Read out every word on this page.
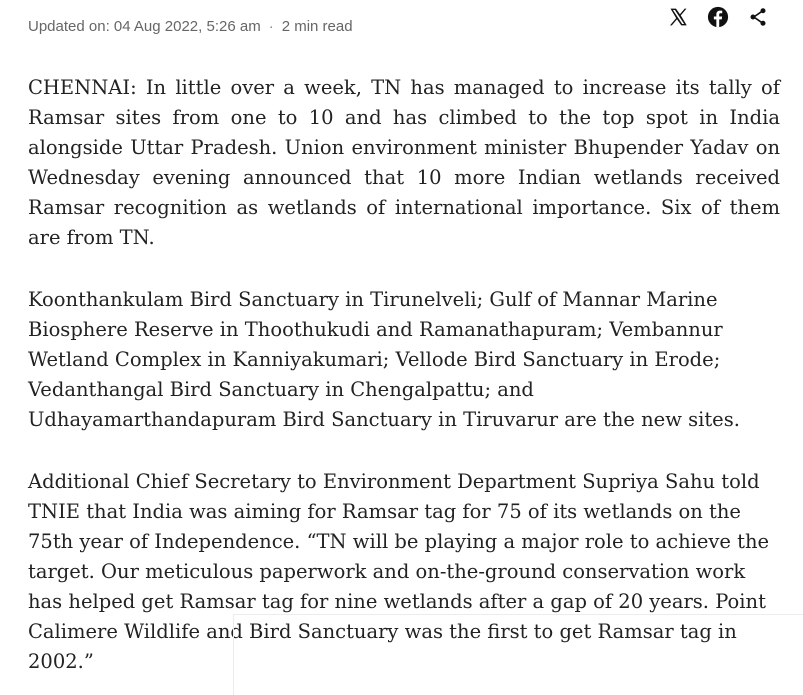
Updated on: 04 Aug 2022, 5:26 am · 2 min read

CHENNAI: In little over a week, TN has managed to increase its tally of Ramsar sites from one to 10 and has climbed to the top spot in India alongside Uttar Pradesh. Union environment minister Bhupender Yadav on Wednesday evening announced that 10 more Indian wetlands received Ramsar recognition as wetlands of international importance. Six of them are from TN.

Koonthankulam Bird Sanctuary in Tirunelveli; Gulf of Mannar Marine Biosphere Reserve in Thoothukudi and Ramanathapuram; Vembannur Wetland Complex in Kanniyakumari; Vellode Bird Sanctuary in Erode; Vedanthangal Bird Sanctuary in Chengalpattu; and Udhayamarthandapuram Bird Sanctuary in Tiruvarur are the new sites.

Additional Chief Secretary to Environment Department Supriya Sahu told TNIE that India was aiming for Ramsar tag for 75 of its wetlands on the 75th year of Independence. “TN will be playing a major role to achieve the target. Our meticulous paperwork and on-the-ground conservation work has helped get Ramsar tag for nine wetlands after a gap of 20 years. Point Calimere Wildlife and Bird Sanctuary was the first to get Ramsar tag in 2002.”
